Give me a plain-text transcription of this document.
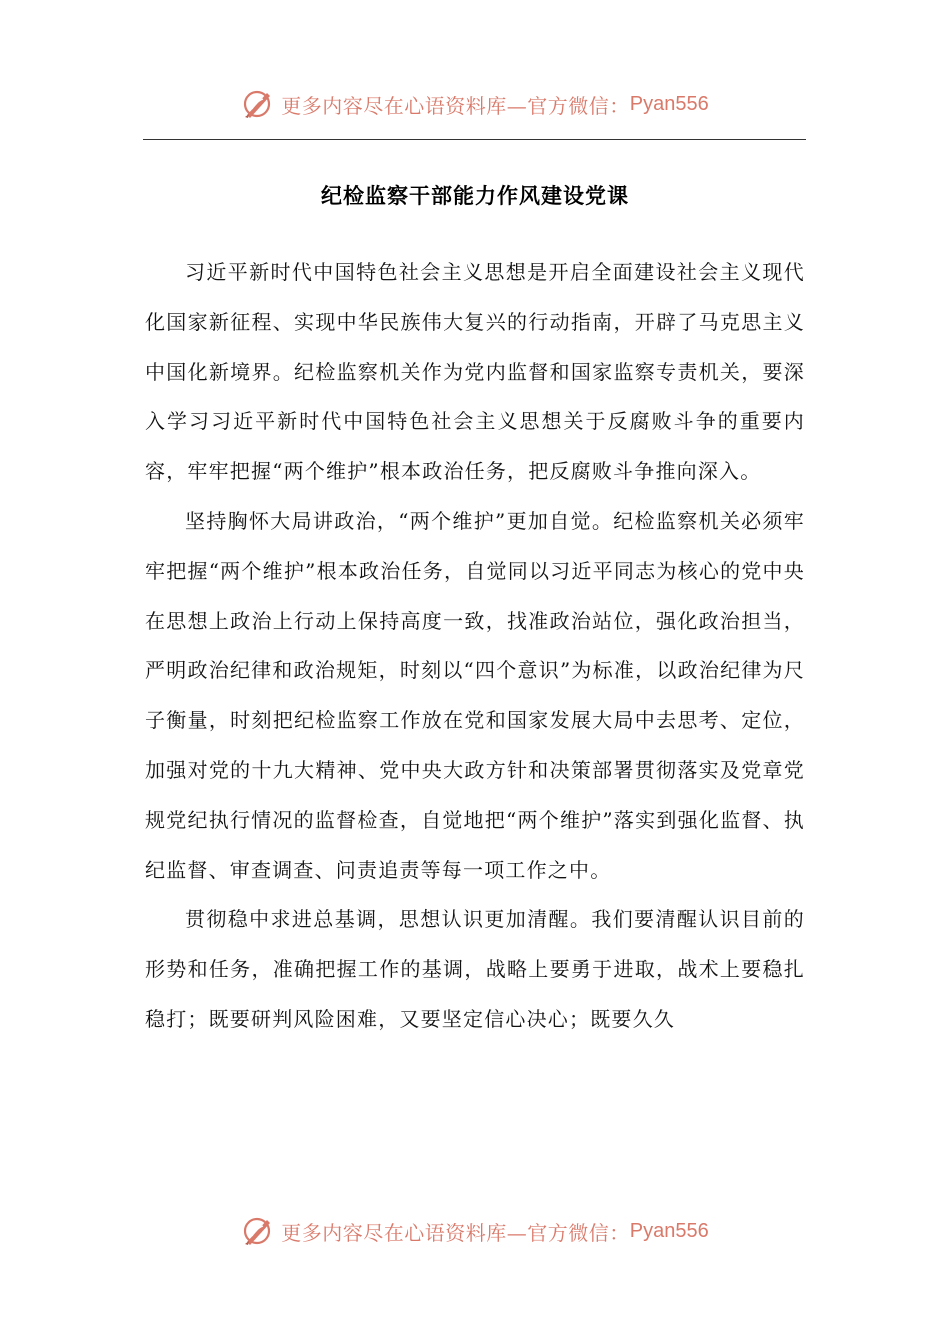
更多内容尽在心语资料库—官方微信： Pyan556
纪检监察干部能力作风建设党课

习近平新时代中国特色社会主义思想是开启全面建设社会主义现代化国家新征程、实现中华民族伟大复兴的行动指南，开辟了马克思主义中国化新境界。纪检监察机关作为党内监督和国家监察专责机关，要深入学习习近平新时代中国特色社会主义思想关于反腐败斗争的重要内容，牢牢把握“两个维护”根本政治任务，把反腐败斗争推向深入。

坚持胸怀大局讲政治，“两个维护”更加自觉。纪检监察机关必须牢牢把握“两个维护”根本政治任务，自觉同以习近平同志为核心的党中央在思想上政治上行动上保持高度一致，找准政治站位，强化政治担当，严明政治纪律和政治规矩，时刻以“四个意识”为标准，以政治纪律为尺子衡量，时刻把纪检监察工作放在党和国家发展大局中去思考、定位，加强对党的十九大精神、党中央大政方针和决策部署贯彻落实及党章党规党纪执行情况的监督检查，自觉地把“两个维护”落实到强化监督、执纪监督、审查调查、问责追责等每一项工作之中。

贯彻稳中求进总基调，思想认识更加清醒。我们要清醒认识目前的形势和任务，准确把握工作的基调，战略上要勇于进取，战术上要稳扎稳打；既要研判风险困难，又要坚定信心决心；既要久久

更多内容尽在心语资料库—官方微信： Pyan556
